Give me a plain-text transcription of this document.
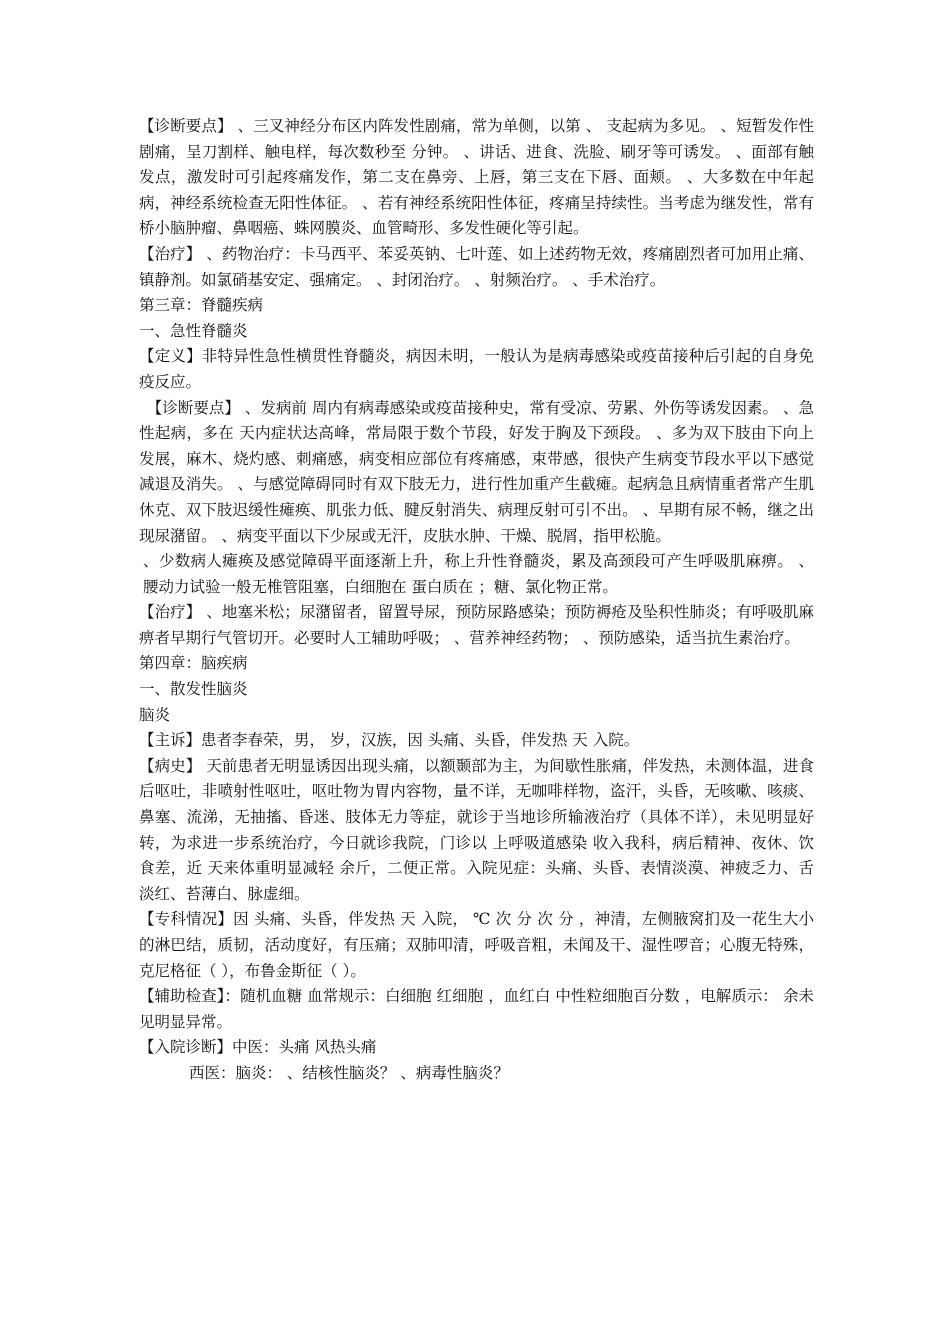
【诊断要点】 、三叉神经分布区内阵发性剧痛，常为单侧，以第 、 支起病为多见。 、短暂发作性剧痛，呈刀割样、触电样，每次数秒至 分钟。 、讲话、进食、洗脸、刷牙等可诱发。 、面部有触发点，激发时可引起疼痛发作，第二支在鼻旁、上唇，第三支在下唇、面颊。 、大多数在中年起病，神经系统检查无阳性体征。 、若有神经系统阳性体征，疼痛呈持续性。当考虑为继发性，常有桥小脑肿瘤、鼻咽癌、蛛网膜炎、血管畸形、多发性硬化等引起。

【治疗】 、药物治疗：卡马西平、苯妥英钠、七叶莲、如上述药物无效，疼痛剧烈者可加用止痛、镇静剂。如氯硝基安定、强痛定。 、封闭治疗。 、射频治疗。 、手术治疗。

第三章：脊髓疾病

一、急性脊髓炎

【定义】非特异性急性横贯性脊髓炎，病因未明，一般认为是病毒感染或疫苗接种后引起的自身免疫反应。

【诊断要点】 、发病前 周内有病毒感染或疫苗接种史，常有受凉、劳累、外伤等诱发因素。 、急性起病，多在 天内症状达高峰，常局限于数个节段，好发于胸及下颈段。 、多为双下肢由下向上发展，麻木、烧灼感、刺痛感，病变相应部位有疼痛感，束带感，很快产生病变节段水平以下感觉减退及消失。 、与感觉障碍同时有双下肢无力，进行性加重产生截瘫。起病急且病情重者常产生肌休克、双下肢迟缓性瘫痪、肌张力低、腱反射消失、病理反射可引不出。 、早期有尿不畅，继之出现尿潴留。 、病变平面以下少尿或无汗，皮肤水肿、干燥、脱屑，指甲松脆。

、少数病人瘫痪及感觉障碍平面逐渐上升，称上升性脊髓炎，累及高颈段可产生呼吸肌麻痹。 、腰动力试验一般无椎管阻塞，白细胞在 蛋白质在 ；糖、氯化物正常。

【治疗】 、地塞米松；尿潴留者，留置导尿，预防尿路感染；预防褥疮及坠积性肺炎；有呼吸肌麻痹者早期行气管切开。必要时人工辅助呼吸； 、营养神经药物； 、预防感染，适当抗生素治疗。

第四章：脑疾病

一、散发性脑炎

脑炎

【主诉】患者李春荣，男， 岁，汉族，因 头痛、头昏，伴发热 天 入院。

【病史】 天前患者无明显诱因出现头痛，以额颞部为主，为间歇性胀痛，伴发热，未测体温，进食后呕吐，非喷射性呕吐，呕吐物为胃内容物，量不详，无咖啡样物，盗汗，头昏，无咳嗽、咳痰、鼻塞、流涕，无抽搐、昏迷、肢体无力等症，就诊于当地诊所输液治疗（具体不详），未见明显好转，为求进一步系统治疗，今日就诊我院，门诊以 上呼吸道感染 收入我科，病后精神、夜休、饮食差，近 天来体重明显减轻 余斤，二便正常。入院见症：头痛、头昏、表情淡漠、神疲乏力、舌淡红、苔薄白、脉虚细。

【专科情况】因 头痛、头昏，伴发热 天 入院， ℃ 次 分 次 分 ，神清，左侧腋窝扪及一花生大小的淋巴结，质韧，活动度好，有压痛；双肺叩清，呼吸音粗，未闻及干、湿性啰音；心腹无特殊，克尼格征（ ），布鲁金斯征（ ）。

【辅助检查】：随机血糖 血常规示：白细胞 红细胞 ，血红白 中性粒细胞百分数 ，电解质示： 余未见明显异常。

【入院诊断】中医：头痛 风热头痛

西医：脑炎： 、结核性脑炎？ 、病毒性脑炎？
